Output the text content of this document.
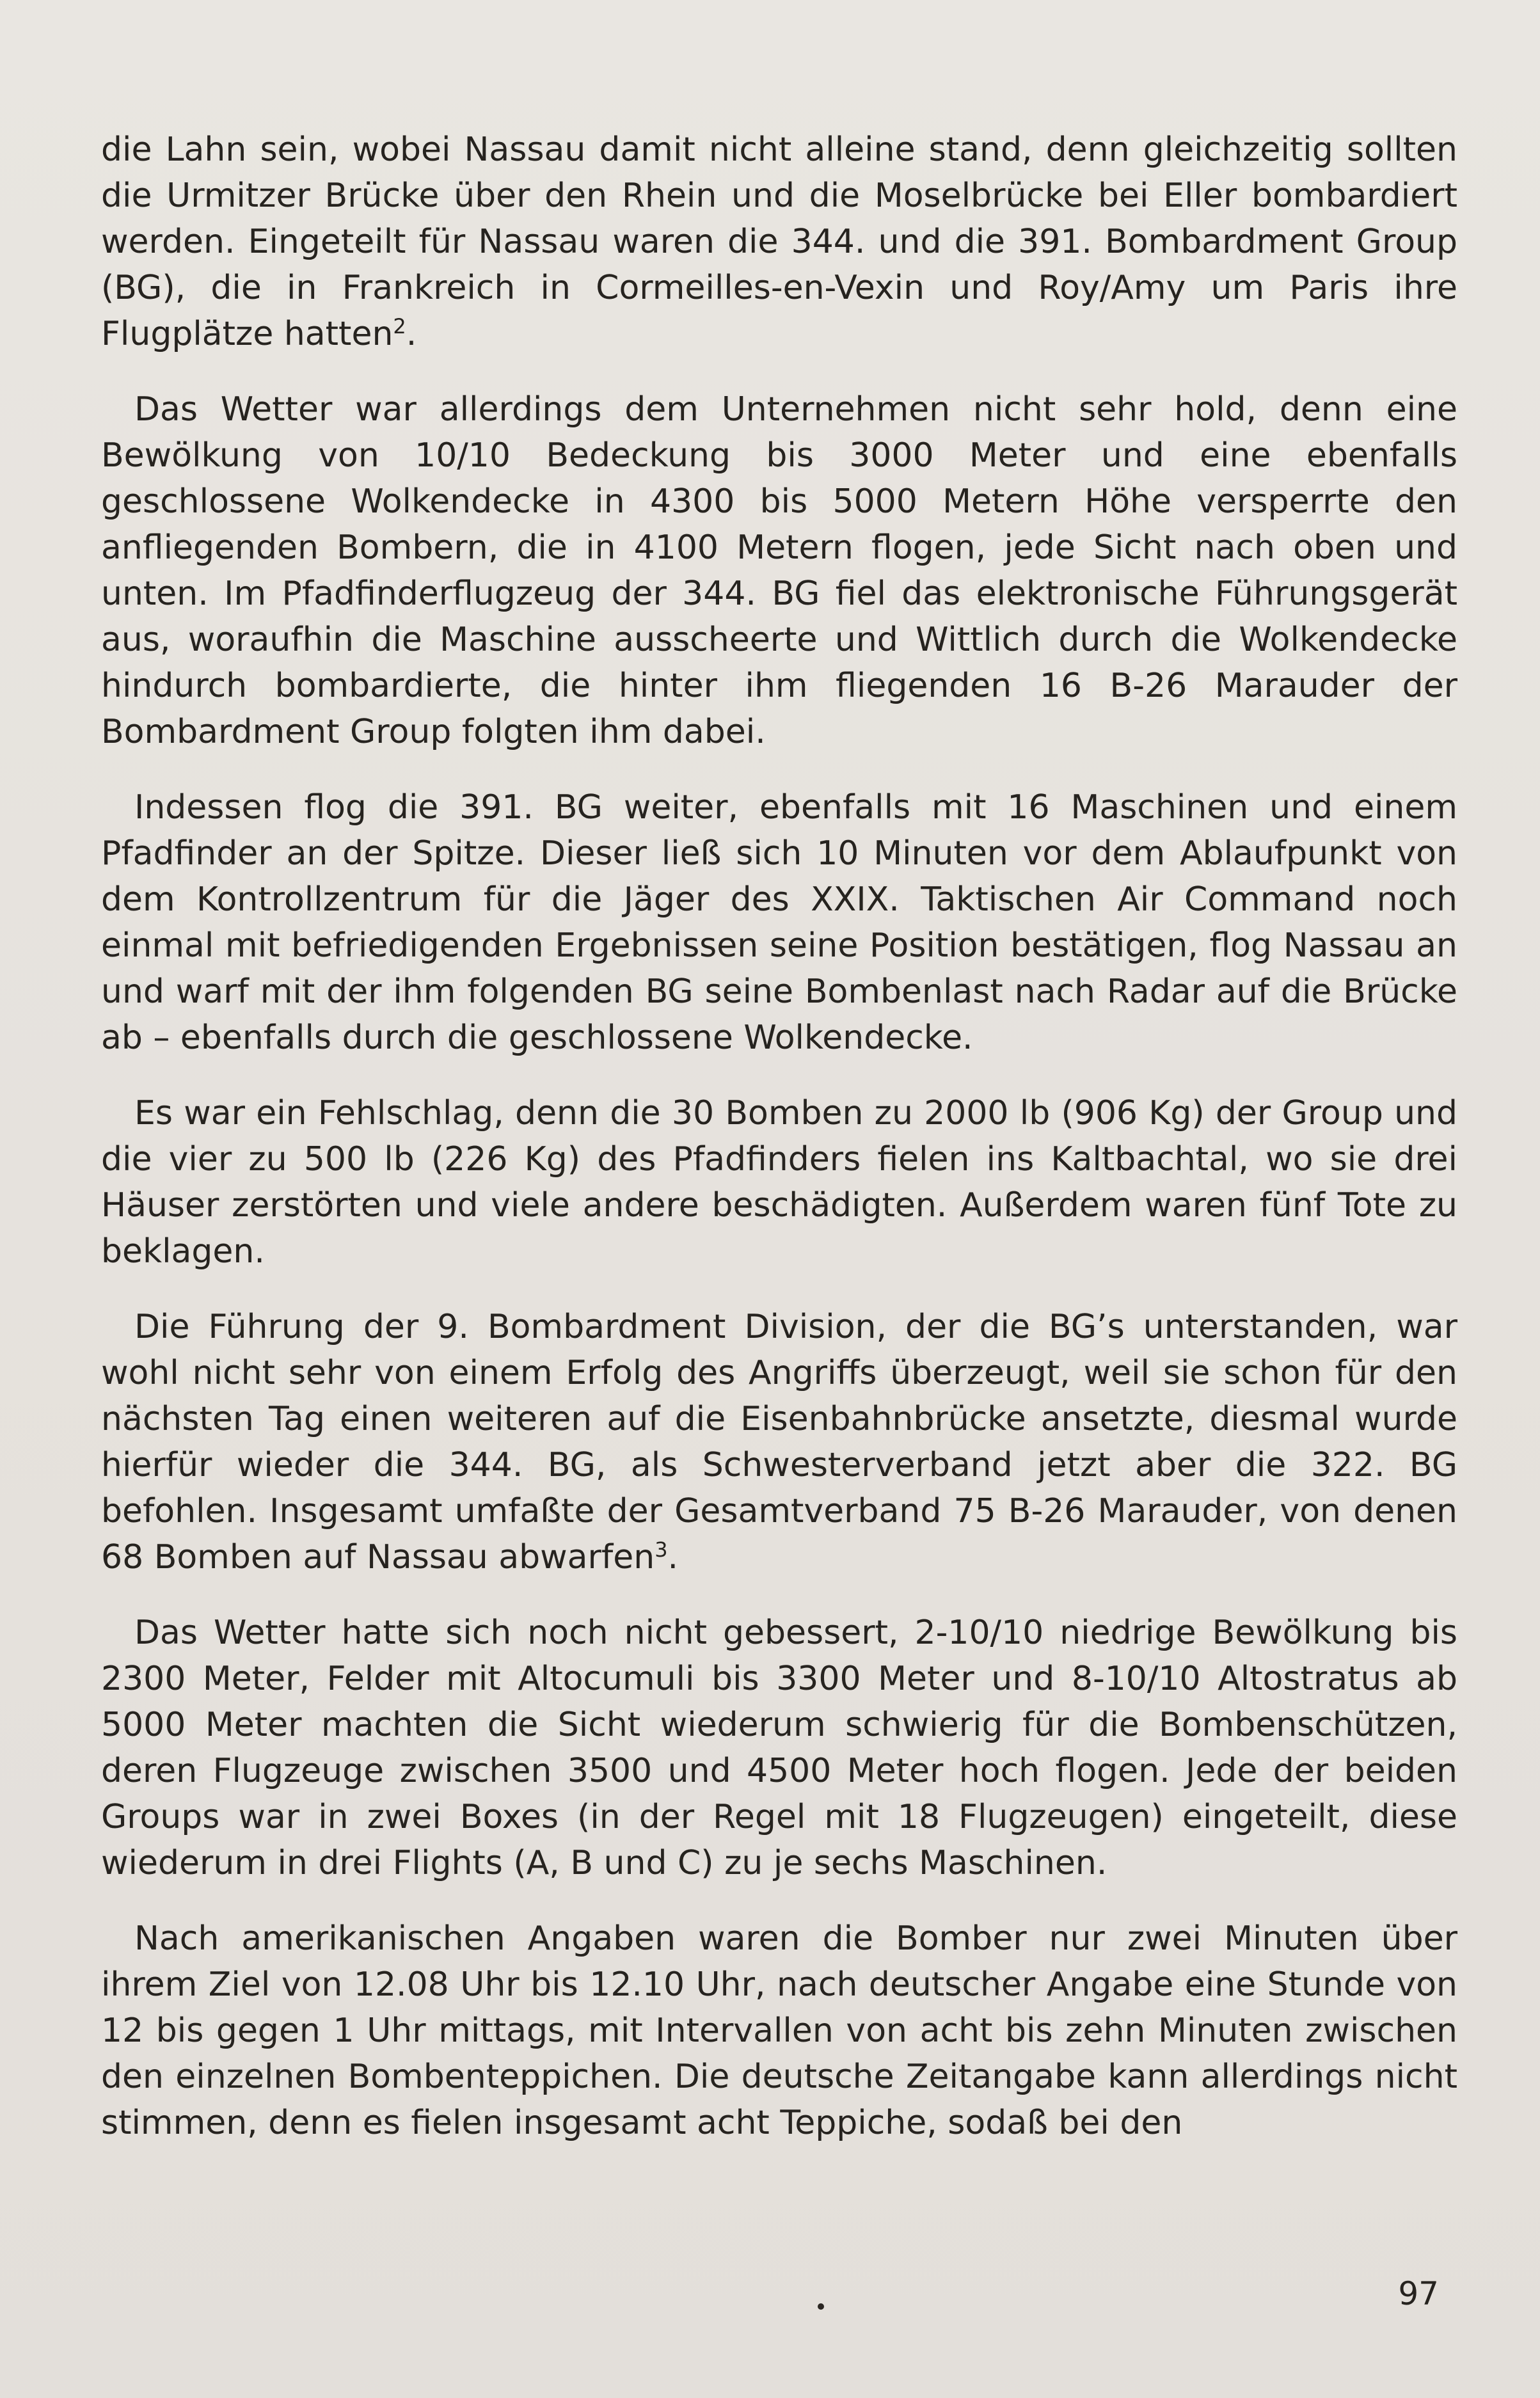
die Lahn sein, wobei Nassau damit nicht alleine stand, denn gleichzeitig sollten die Urmitzer Brücke über den Rhein und die Moselbrücke bei Eller bombardiert werden. Eingeteilt für Nassau waren die 344. und die 391. Bombardment Group (BG), die in Frankreich in Cormeilles-en-Vexin und Roy/Amy um Paris ihre Flugplätze hatten$^2$.

Das Wetter war allerdings dem Unternehmen nicht sehr hold, denn eine Bewölkung von 10/10 Bedeckung bis 3000 Meter und eine ebenfalls geschlossene Wolkendecke in 4300 bis 5000 Metern Höhe versperrte den anfliegenden Bombern, die in 4100 Metern flogen, jede Sicht nach oben und unten. Im Pfadfinderflugzeug der 344. BG fiel das elektronische Führungsgerät aus, woraufhin die Maschine ausscheerte und Wittlich durch die Wolkendecke hindurch bombardierte, die hinter ihm fliegenden 16 B-26 Marauder der Bombardment Group folgten ihm dabei.

Indessen flog die 391. BG weiter, ebenfalls mit 16 Maschinen und einem Pfadfinder an der Spitze. Dieser ließ sich 10 Minuten vor dem Ablaufpunkt von dem Kontrollzentrum für die Jäger des XXIX. Taktischen Air Command noch einmal mit befriedigenden Ergebnissen seine Position bestätigen, flog Nassau an und warf mit der ihm folgenden BG seine Bombenlast nach Radar auf die Brücke ab – ebenfalls durch die geschlossene Wolkendecke.

Es war ein Fehlschlag, denn die 30 Bomben zu 2000 lb (906 Kg) der Group und die vier zu 500 lb (226 Kg) des Pfadfinders fielen ins Kaltbachtal, wo sie drei Häuser zerstörten und viele andere beschädigten. Außerdem waren fünf Tote zu beklagen.

Die Führung der 9. Bombardment Division, der die BG’s unterstanden, war wohl nicht sehr von einem Erfolg des Angriffs überzeugt, weil sie schon für den nächsten Tag einen weiteren auf die Eisenbahnbrücke ansetzte, diesmal wurde hierfür wieder die 344. BG, als Schwesterverband jetzt aber die 322. BG befohlen. Insgesamt umfaßte der Gesamtverband 75 B-26 Marauder, von denen 68 Bomben auf Nassau abwarfen$^3$.

Das Wetter hatte sich noch nicht gebessert, 2-10/10 niedrige Bewölkung bis 2300 Meter, Felder mit Altocumuli bis 3300 Meter und 8-10/10 Altostratus ab 5000 Meter machten die Sicht wiederum schwierig für die Bombenschützen, deren Flugzeuge zwischen 3500 und 4500 Meter hoch flogen. Jede der beiden Groups war in zwei Boxes (in der Regel mit 18 Flugzeugen) eingeteilt, diese wiederum in drei Flights (A, B und C) zu je sechs Maschinen.

Nach amerikanischen Angaben waren die Bomber nur zwei Minuten über ihrem Ziel von 12.08 Uhr bis 12.10 Uhr, nach deutscher Angabe eine Stunde von 12 bis gegen 1 Uhr mittags, mit Intervallen von acht bis zehn Minuten zwischen den einzelnen Bombenteppichen. Die deutsche Zeitangabe kann allerdings nicht stimmen, denn es fielen insgesamt acht Teppiche, sodaß bei den

97
